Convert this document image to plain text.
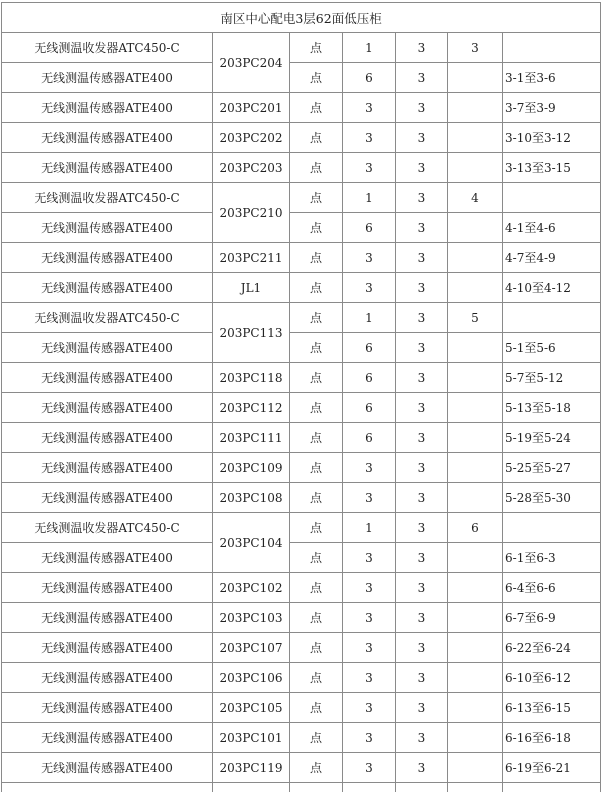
南区中心配电3层62面低压柜						
无线测温收发器ATC450-C	203PC204	点	1	3	3	
无线测温传感器ATE400		点	6	3		3-1至3-6
无线测温传感器ATE400	203PC201	点	3	3		3-7至3-9
无线测温传感器ATE400	203PC202	点	3	3		3-10至3-12
无线测温传感器ATE400	203PC203	点	3	3		3-13至3-15
无线测温收发器ATC450-C	203PC210	点	1	3	4	
无线测温传感器ATE400		点	6	3		4-1至4-6
无线测温传感器ATE400	203PC211	点	3	3		4-7至4-9
无线测温传感器ATE400	JL1	点	3	3		4-10至4-12
无线测温收发器ATC450-C	203PC113	点	1	3	5	
无线测温传感器ATE400		点	6	3		5-1至5-6
无线测温传感器ATE400	203PC118	点	6	3		5-7至5-12
无线测温传感器ATE400	203PC112	点	6	3		5-13至5-18
无线测温传感器ATE400	203PC111	点	6	3		5-19至5-24
无线测温传感器ATE400	203PC109	点	3	3		5-25至5-27
无线测温传感器ATE400	203PC108	点	3	3		5-28至5-30
无线测温收发器ATC450-C	203PC104	点	1	3	6	
无线测温传感器ATE400		点	3	3		6-1至6-3
无线测温传感器ATE400	203PC102	点	3	3		6-4至6-6
无线测温传感器ATE400	203PC103	点	3	3		6-7至6-9
无线测温传感器ATE400	203PC107	点	3	3		6-22至6-24
无线测温传感器ATE400	203PC106	点	3	3		6-10至6-12
无线测温传感器ATE400	203PC105	点	3	3		6-13至6-15
无线测温传感器ATE400	203PC101	点	3	3		6-16至6-18
无线测温传感器ATE400	203PC119	点	3	3		6-19至6-21
